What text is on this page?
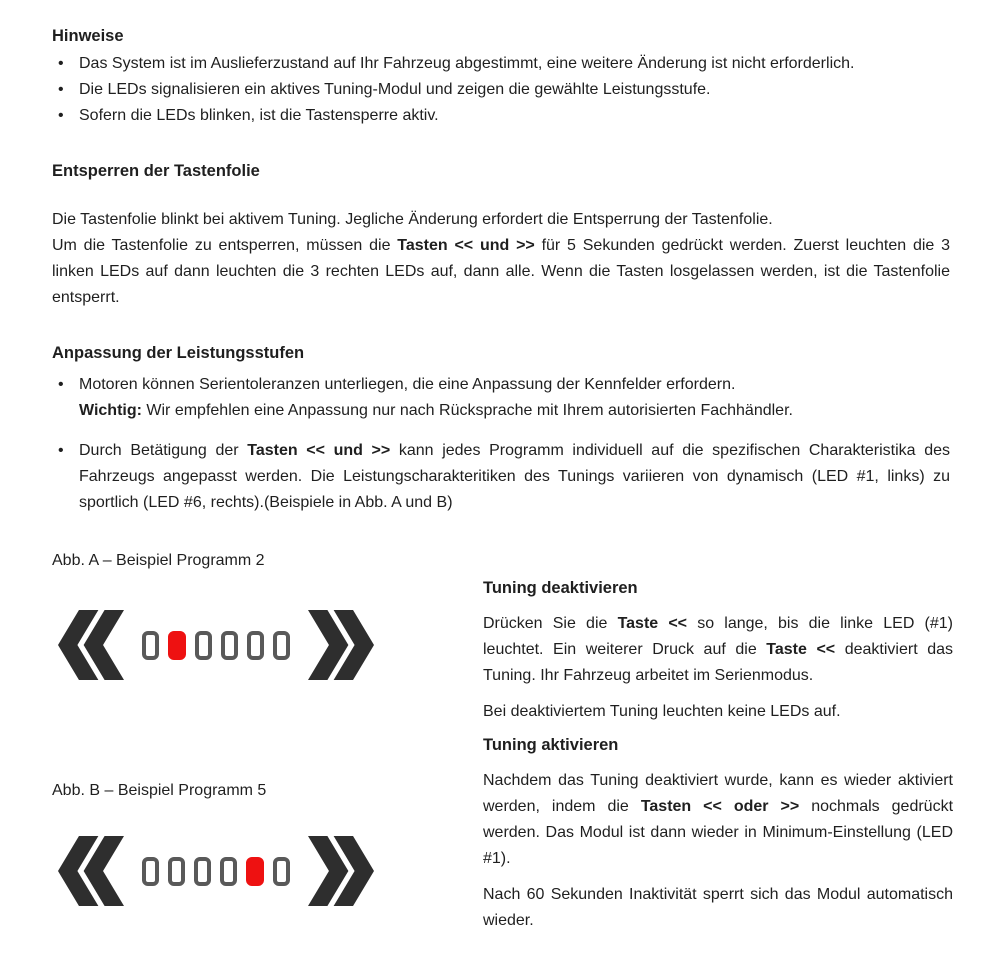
Hinweise
• Das System ist im Auslieferzustand auf Ihr Fahrzeug abgestimmt, eine weitere Änderung ist nicht erforderlich.
• Die LEDs signalisieren ein aktives Tuning-Modul und zeigen die gewählte Leistungsstufe.
• Sofern die LEDs blinken, ist die Tastensperre aktiv.
Entsperren der Tastenfolie

Die Tastenfolie blinkt bei aktivem Tuning. Jegliche Änderung erfordert die Entsperrung der Tastenfolie.

Um die Tastenfolie zu entsperren, müssen die Tasten << und >> für 5 Sekunden gedrückt werden. Zuerst leuchten die 3 linken LEDs auf dann leuchten die 3 rechten LEDs auf, dann alle. Wenn die Tasten losgelassen werden, ist die Tastenfolie entsperrt.

Anpassung der Leistungsstufen

• Motoren können Serientoleranzen unterliegen, die eine Anpassung der Kennfelder erfordern.

Wichtig: Wir empfehlen eine Anpassung nur nach Rücksprache mit Ihrem autorisierten Fachhändler.

• Durch Betätigung der Tasten << und >> kann jedes Programm individuell auf die spezifischen Charakteristika des Fahrzeugs angepasst werden. Die Leistungscharakteritiken des Tunings variieren von dynamisch (LED #1, links) zu sportlich (LED #6, rechts).(Beispiele in Abb. A und B)

Abb. A – Beispiel Programm 2
Abb. B – Beispiel Programm 5
Tuning deaktivieren

Drücken Sie die Taste << so lange, bis die linke LED (#1) leuchtet. Ein weiterer Druck auf die Taste << deaktiviert das Tuning. Ihr Fahrzeug arbeitet im Serienmodus.

Bei deaktiviertem Tuning leuchten keine LEDs auf.

Tuning aktivieren

Nachdem das Tuning deaktiviert wurde, kann es wieder aktiviert werden, indem die Tasten << oder >> nochmals gedrückt werden. Das Modul ist dann wieder in Minimum-Einstellung (LED #1).

Nach 60 Sekunden Inaktivität sperrt sich das Modul automatisch wieder.
